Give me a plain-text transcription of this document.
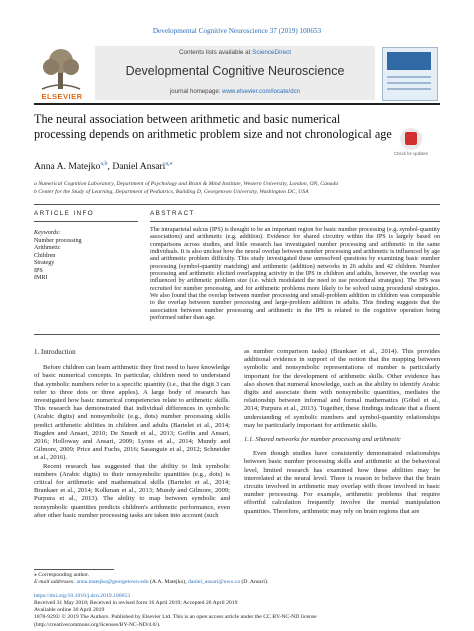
Developmental Cognitive Neuroscience 37 (2019) 100653
ELSEVIER
Contents lists available at ScienceDirect
Developmental Cognitive Neuroscience
journal homepage: www.elsevier.com/locate/dcn
The neural association between arithmetic and basic numerical processing depends on arithmetic problem size and not chronological age
Check for updates
Anna A. Matejko$^{a,b}$, Daniel Ansari$^{a,⁎}$
a Numerical Cognition Laboratory, Department of Psychology and Brain & Mind Institute, Western University, London, ON, Canada
b Center for the Study of Learning, Department of Pediatrics, Building D, Georgetown University, Washington DC, USA
ARTICLE INFO	ABSTRACT
Keywords:
Number processing
Arithmetic
Children
Strategy
IPS
fMRI
The intraparietal sulcus (IPS) is thought to be an important region for basic number processing (e.g. symbol-quantity associations) and arithmetic (e.g. addition). Evidence for shared circuitry within the IPS is largely based on comparisons across studies, and little research has investigated number processing and arithmetic in the same individuals. It is also unclear how the neural overlap between number processing and arithmetic is influenced by age and arithmetic problem difficulty. This study investigated these unresolved questions by examining basic number processing (symbol-quantity matching) and arithmetic (addition) networks in 26 adults and 42 children. Number processing and arithmetic elicited overlapping activity in the IPS in children and adults, however, the overlap was influenced by arithmetic problem size (i.e. which modulated the need to use procedural strategies). The IPS was recruited for number processing, and for arithmetic problems more likely to be solved using procedural strategies. We also found that the overlap between number processing and small-problem addition in children was comparable to the overlap between number processing and large-problem addition in adults. This finding suggests that the association between number processing and arithmetic in the IPS is related to the cognitive operation being performed rather than age.
1. Introduction

Before children can learn arithmetic they first need to have knowledge of basic numerical concepts. In particular, children need to understand that symbolic numbers refer to a specific quantity (i.e., that the digit 3 can refer to three dots or three apples). A large body of research has investigated how basic numerical competencies relate to arithmetic skills. This research has demonstrated that individual differences in symbolic (Arabic digits) and nonsymbolic (e.g., dots) number processing skills predict arithmetic abilities in children and adults (Bartelet et al., 2014; Bugden and Ansari, 2010; De Smedt et al., 2013; Goffin and Ansari, 2016; Holloway and Ansari, 2009; Lyons et al., 2014; Mundy and Gilmore, 2009; Price and Fuchs, 2016; Sasanguie et al., 2012; Schneider et al., 2016).

Recent research has suggested that the ability to link symbolic numbers (Arabic digits) to their nonsymbolic quantities (e.g., dots) is critical for arithmetic and mathematical skills (Bartelet et al., 2014; Brankaer et al., 2014; Kolkman et al., 2013; Mundy and Gilmore, 2009; Purpura et al., 2013). The ability to map between symbolic and nonsymbolic quantities predicts children's arithmetic performance, even after other basic number processing tasks are taken into account (such

as number comparison tasks) (Brankaer et al., 2014). This provides additional evidence in support of the notion that the mapping between symbolic and nonsymbolic representations of number is particularly important for the development of arithmetic skills. Other evidence has also shown that numeral knowledge, such as the ability to identify Arabic digits and associate them with nonsymbolic quantities, mediates the relationship between informal and formal mathematics (Göbel et al., 2014; Purpura et al., 2013). Together, these findings indicate that a fluent understanding of symbolic numbers and symbol-quantity relationships may be particularly important for arithmetic skills.

1.1. Shared networks for number processing and arithmetic

Even though studies have consistently demonstrated relationships between basic number processing skills and arithmetic at the behavioral level, limited research has examined how these abilities may be interrelated at the neural level. There is reason to believe that the brain circuits involved in arithmetic may overlap with those involved in basic number processing. For example, arithmetic problems that require effortful calculation frequently involve the mental manipulation quantities. Therefore, arithmetic may rely on brain regions that are

⁎ Corresponding author.
E-mail addresses: anna.matejko@georgetown.edu (A.A. Matejko), daniel_ansari@uwo.ca (D. Ansari).
https://doi.org/10.1016/j.dcn.2019.100653
Received 31 May 2018; Received in revised form 16 April 2019; Accepted 26 April 2019
Available online 30 April 2019
1878-9293/ © 2019 The Authors. Published by Elsevier Ltd. This is an open access article under the CC BY-NC-ND license
(http://creativecommons.org/licenses/BY-NC-ND/4.0/).
